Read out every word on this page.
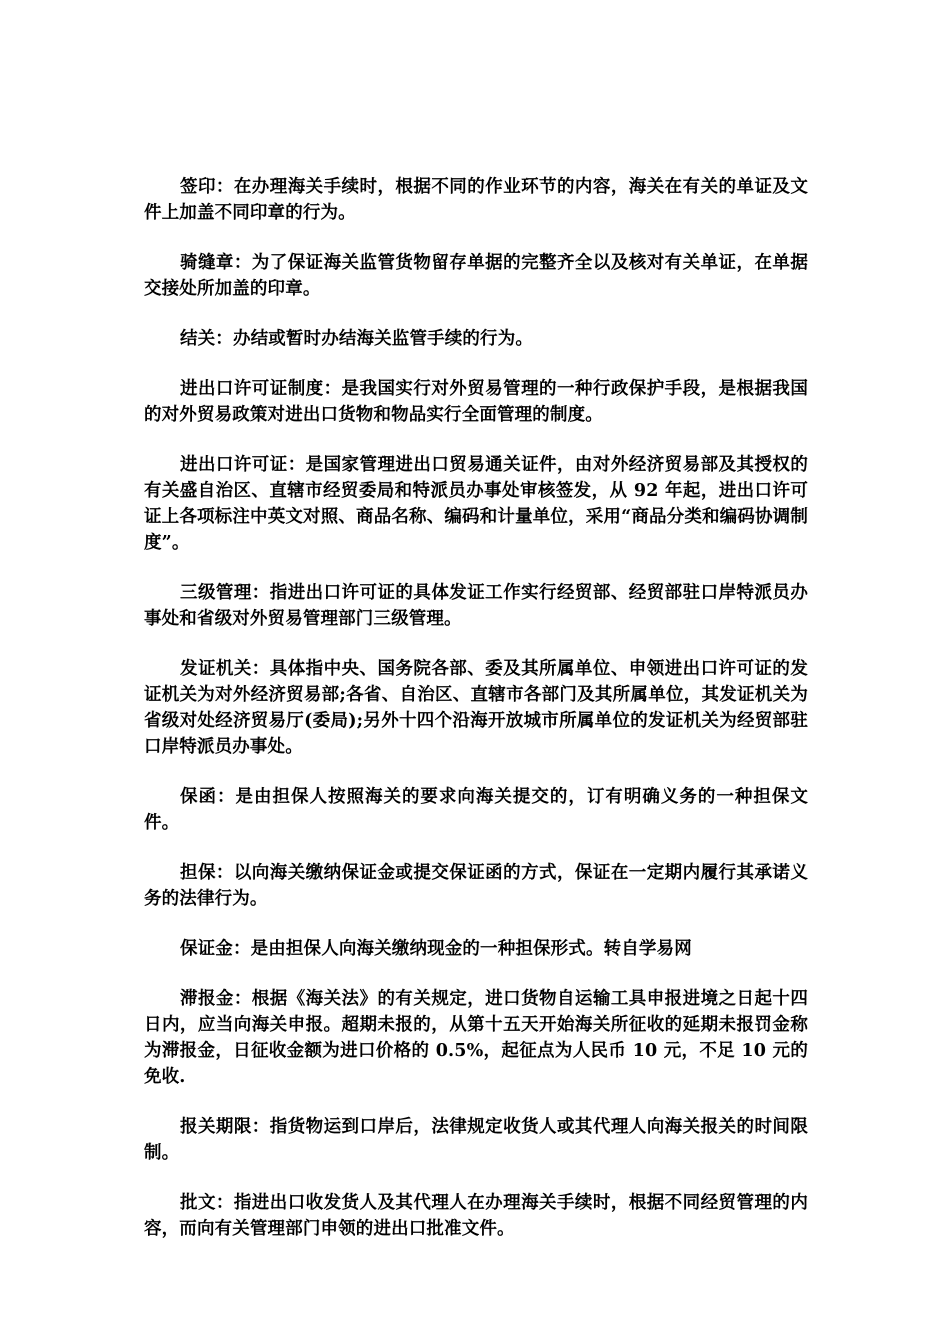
签印：在办理海关手续时，根据不同的作业环节的内容，海关在有关的单证及文件上加盖不同印章的行为。

骑缝章：为了保证海关监管货物留存单据的完整齐全以及核对有关单证，在单据交接处所加盖的印章。

结关：办结或暂时办结海关监管手续的行为。

进出口许可证制度：是我国实行对外贸易管理的一种行政保护手段，是根据我国的对外贸易政策对进出口货物和物品实行全面管理的制度。

进出口许可证：是国家管理进出口贸易通关证件，由对外经济贸易部及其授权的有关盛自治区、直辖市经贸委局和特派员办事处审核签发，从 92 年起，进出口许可证上各项标注中英文对照、商品名称、编码和计量单位，采用“商品分类和编码协调制度”。

三级管理：指进出口许可证的具体发证工作实行经贸部、经贸部驻口岸特派员办事处和省级对外贸易管理部门三级管理。

发证机关：具体指中央、国务院各部、委及其所属单位、申领进出口许可证的发证机关为对外经济贸易部;各省、自治区、直辖市各部门及其所属单位，其发证机关为省级对处经济贸易厅(委局);另外十四个沿海开放城市所属单位的发证机关为经贸部驻口岸特派员办事处。

保函：是由担保人按照海关的要求向海关提交的，订有明确义务的一种担保文件。

担保：以向海关缴纳保证金或提交保证函的方式，保证在一定期内履行其承诺义务的法律行为。

保证金：是由担保人向海关缴纳现金的一种担保形式。转自学易网

滞报金：根据《海关法》的有关规定，进口货物自运输工具申报进境之日起十四日内，应当向海关申报。超期未报的，从第十五天开始海关所征收的延期未报罚金称为滞报金，日征收金额为进口价格的 0.5%，起征点为人民币 10 元，不足 10 元的免收.

报关期限：指货物运到口岸后，法律规定收货人或其代理人向海关报关的时间限制。

批文：指进出口收发货人及其代理人在办理海关手续时，根据不同经贸管理的内容，而向有关管理部门申领的进出口批准文件。
